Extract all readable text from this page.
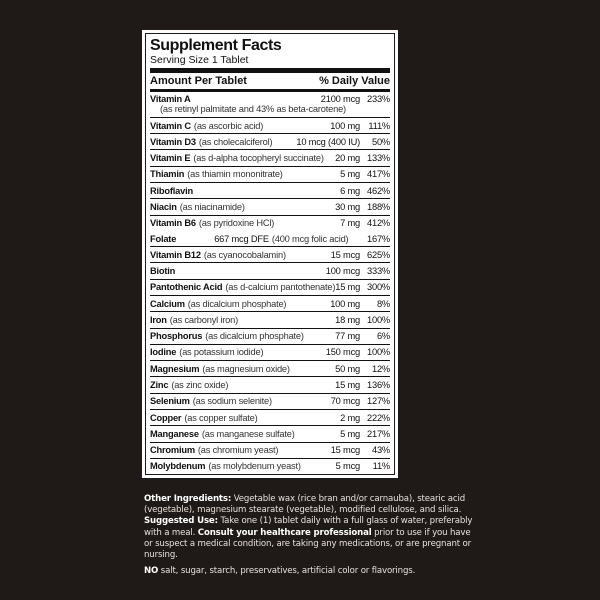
Supplement Facts
Serving Size 1 Tablet
Amount Per Tablet	% Daily Value
Vitamin A	2100 mcg 233%
(as retinyl palmitate and 43% as beta-carotene)
Vitamin C (as ascorbic acid)	100 mg 111%
Vitamin D3 (as cholecalciferol)	10 mcg (400 IU)	50%
Vitamin E (as d-alpha tocopheryl succinate) 20 mg 133%
Thiamin (as thiamin mononitrate)	5 mg 417%
Riboflavin	6 mg 462%
Niacin (as niacinamide)	30 mg 188%
Vitamin B6 (as pyridoxine HCl)	7 mg 412%
Folate	667 mcg DFE (400 mcg folic acid)	167%
Vitamin B12 (as cyanocobalamin)	15 mcg 625%
Biotin	100 mcg 333%
Pantothenic Acid (as d-calcium pantothenate) 15 mg 300%
Calcium (as dicalcium phosphate)	100 mg	8%
Iron (as carbonyl iron)	18 mg 100%
Phosphorus (as dicalcium phosphate)	77 mg	6%
Iodine (as potassium iodide)	150 mcg 100%
Magnesium (as magnesium oxide)	50 mg	12%
Zinc (as zinc oxide)	15 mg 136%
Selenium (as sodium selenite)	70 mcg 127%
Copper (as copper sulfate)	2 mg 222%
Manganese (as manganese sulfate)	5 mg 217%
Chromium (as chromium yeast)	15 mcg	43%
Molybdenum (as molybdenum yeast)	5 mcg	11%

Other Ingredients: Vegetable wax (rice bran and/or carnauba), stearic acid (vegetable), magnesium stearate (vegetable), modified cellulose, and silica. Suggested Use: Take one (1) tablet daily with a full glass of water, preferably with a meal. Consult your healthcare professional prior to use if you have or suspect a medical condition, are taking any medications, or are pregnant or nursing.

NO salt, sugar, starch, preservatives, artificial color or flavorings.
